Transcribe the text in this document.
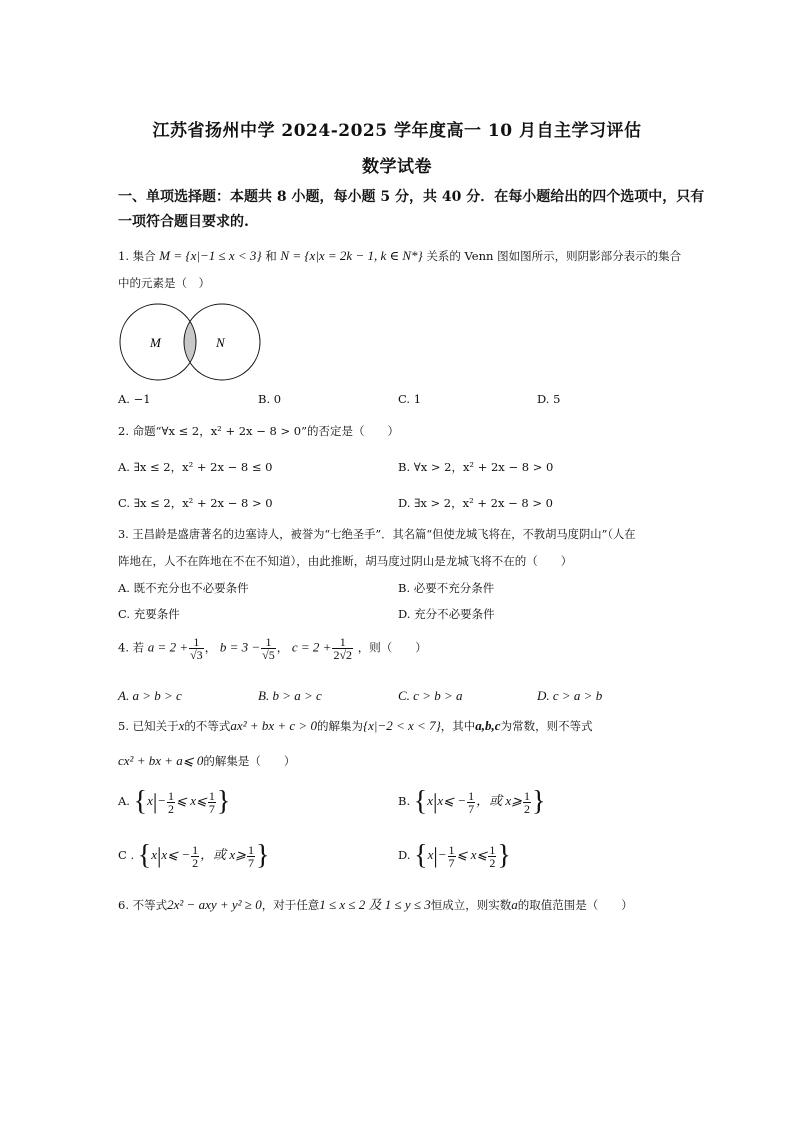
江苏省扬州中学 2024-2025 学年度高一 10 月自主学习评估
数学试卷
一、单项选择题：本题共 8 小题，每小题 5 分，共 40 分．在每小题给出的四个选项中，只有
一项符合题目要求的.
1. 集合 M = {x|−1 ≤ x < 3} 和 N = {x|x = 2k − 1, k ∈ N*} 关系的 Venn 图如图所示，则阴影部分表示的集合
中的元素是（　）
M	N
A. −1	B. 0	C. 1	D. 5
2. 命题“∀x ≤ 2，x² + 2x − 8 > 0”的否定是（　　）
A. ∃x ≤ 2，x² + 2x − 8 ≤ 0	B. ∀x > 2，x² + 2x − 8 > 0
C. ∃x ≤ 2，x² + 2x − 8 > 0	D. ∃x > 2，x² + 2x − 8 > 0
3. 王昌龄是盛唐著名的边塞诗人，被誉为“七绝圣手”．其名篇“但使龙城飞将在，不教胡马度阴山”（人在
阵地在，人不在阵地在不在不知道），由此推断，胡马度过阴山是龙城飞将不在的（　　）
A. 既不充分也不必要条件	B. 必要不充分条件
C. 充要条件	D. 充分不必要条件
4. 若 $a = 2 + \frac{1}{√3}$ ， $b = 3 - \frac{1}{√5}$ ， $c = 2 + \frac{1}{2√2}$ ，则（　　）
A. a > b > c	B. b > a > c	C. c > b > a	D. c > a > b
5. 已知关于x的不等式ax² + bx + c > 0的解集为{x|−2 < x < 7}，其中a,b,c为常数，则不等式
cx² + bx + a⩽ 0的解集是（　　）
A. {$x|- \frac{1}{2}$ ⩽ x⩽ $\frac{1}{7}$ }	B. {x|x⩽ − $\frac{1}{7}$ ，或 x⩾ $\frac{1}{2}$ }
C . {x|x⩽ − $\frac{1}{2}$ ，或 x⩾ $\frac{1}{7}$ }	D. {$x|- \frac{1}{7}$ ⩽ x⩽ $\frac{1}{2}$ }
6. 不等式2x² − axy + y² ≥ 0，对于任意1 ≤ x ≤ 2 及 1 ≤ y ≤ 3恒成立，则实数a的取值范围是（　　）
